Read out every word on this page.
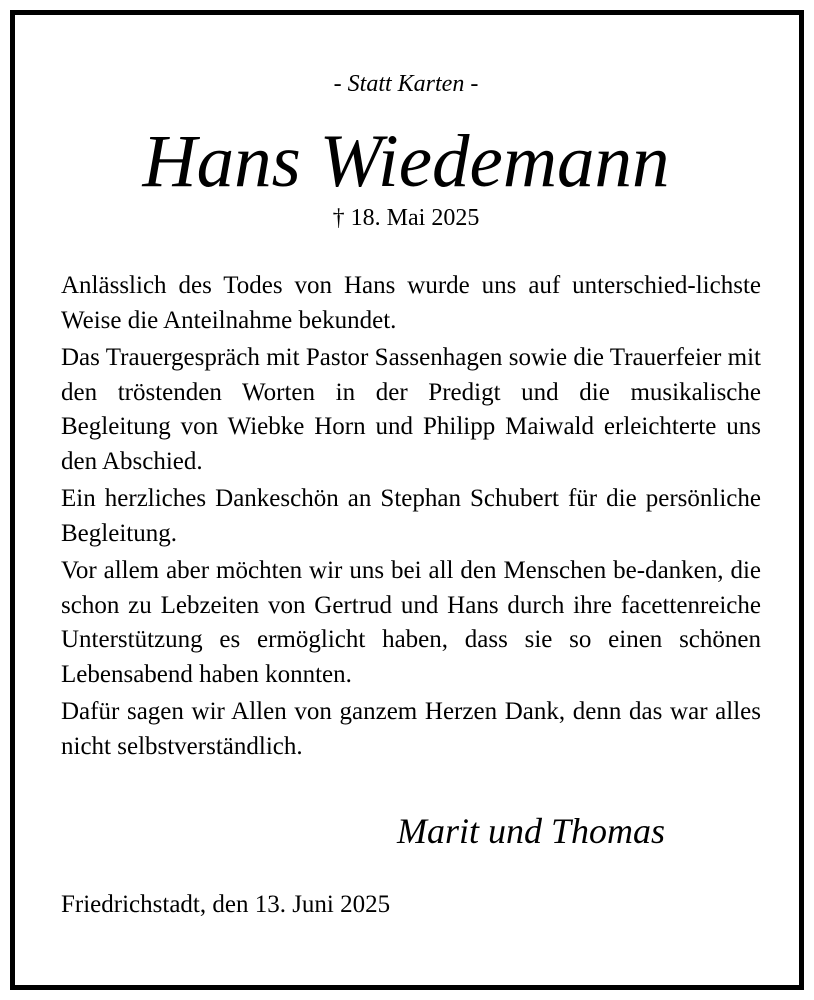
- Statt Karten -

Hans Wiedemann

† 18. Mai 2025

Anlässlich des Todes von Hans wurde uns auf unterschied-lichste Weise die Anteilnahme bekundet.

Das Trauergespräch mit Pastor Sassenhagen sowie die Trauerfeier mit den tröstenden Worten in der Predigt und die musikalische Begleitung von Wiebke Horn und Philipp Maiwald erleichterte uns den Abschied.

Ein herzliches Dankeschön an Stephan Schubert für die persönliche Begleitung.

Vor allem aber möchten wir uns bei all den Menschen be-danken, die schon zu Lebzeiten von Gertrud und Hans durch ihre facettenreiche Unterstützung es ermöglicht haben, dass sie so einen schönen Lebensabend haben konnten.

Dafür sagen wir Allen von ganzem Herzen Dank, denn das war alles nicht selbstverständlich.

Marit und Thomas

Friedrichstadt, den 13. Juni 2025
